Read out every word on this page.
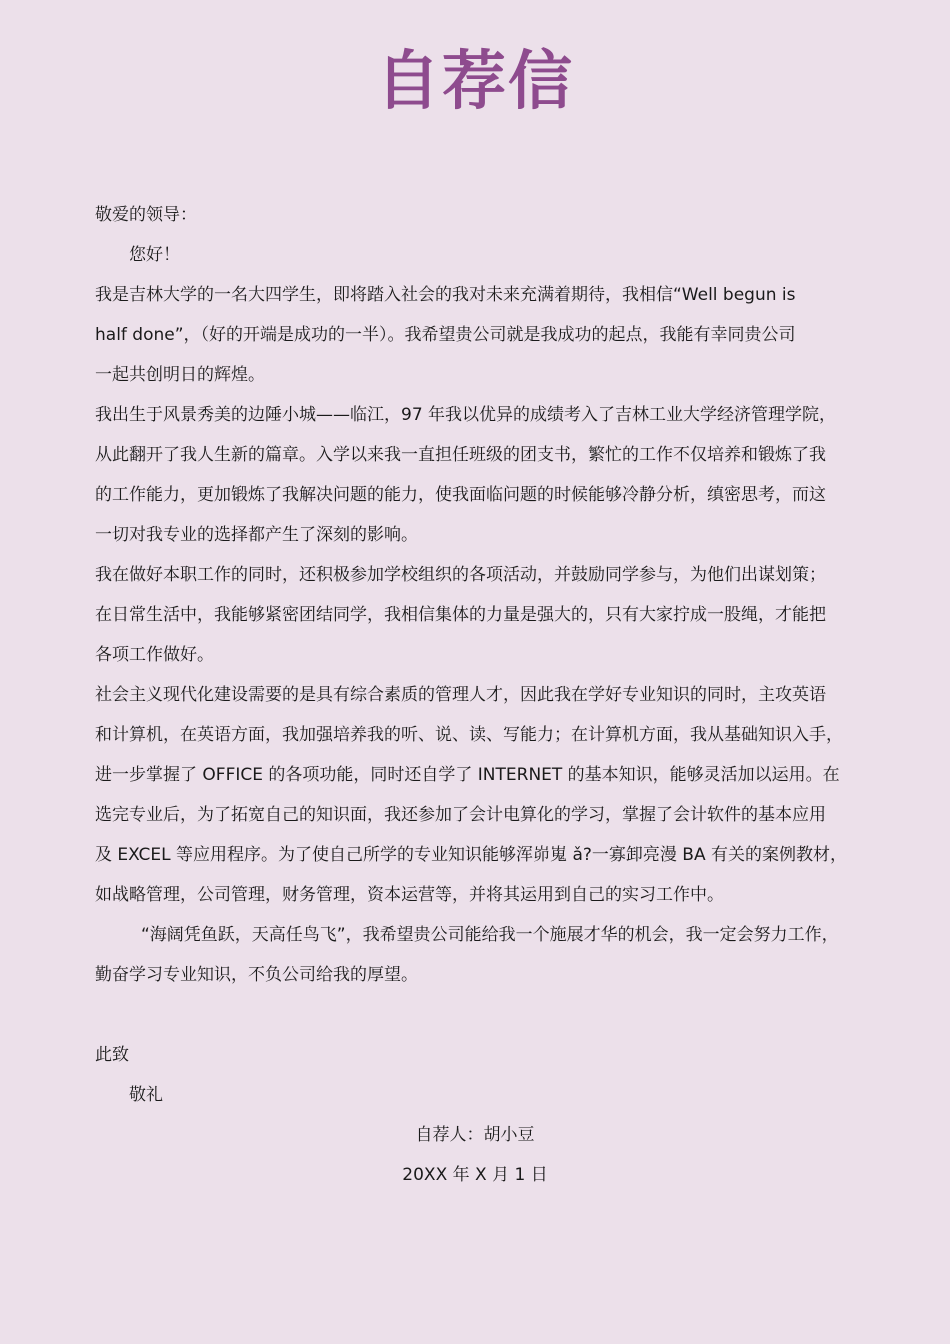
自荐信
敬爱的领导：
您好！
我是吉林大学的一名大四学生，即将踏入社会的我对未来充满着期待，我相信“Well begun is
half done”，（好的开端是成功的一半）。我希望贵公司就是我成功的起点，我能有幸同贵公司
一起共创明日的辉煌。
我出生于风景秀美的边陲小城——临江，97 年我以优异的成绩考入了吉林工业大学经济管理学院，
从此翻开了我人生新的篇章。入学以来我一直担任班级的团支书，繁忙的工作不仅培养和锻炼了我
的工作能力，更加锻炼了我解决问题的能力，使我面临问题的时候能够冷静分析，缜密思考，而这
一切对我专业的选择都产生了深刻的影响。
我在做好本职工作的同时，还积极参加学校组织的各项活动，并鼓励同学参与，为他们出谋划策；
在日常生活中，我能够紧密团结同学，我相信集体的力量是强大的，只有大家拧成一股绳，才能把
各项工作做好。
社会主义现代化建设需要的是具有综合素质的管理人才，因此我在学好专业知识的同时，主攻英语
和计算机，在英语方面，我加强培养我的听、说、读、写能力；在计算机方面，我从基础知识入手，
进一步掌握了 OFFICE 的各项功能，同时还自学了 INTERNET 的基本知识，能够灵活加以运用。在
选完专业后，为了拓宽自己的知识面，我还参加了会计电算化的学习，掌握了会计软件的基本应用
及 EXCEL 等应用程序。为了使自己所学的专业知识能够浑峁嵬 ǎ?一寡卸亮漫 BA 有关的案例教材，
如战略管理，公司管理，财务管理，资本运营等，并将其运用到自己的实习工作中。
“海阔凭鱼跃，天高任鸟飞”，我希望贵公司能给我一个施展才华的机会，我一定会努力工作，
勤奋学习专业知识，不负公司给我的厚望。
此致
敬礼
自荐人：胡小豆
20XX 年 X 月 1 日
